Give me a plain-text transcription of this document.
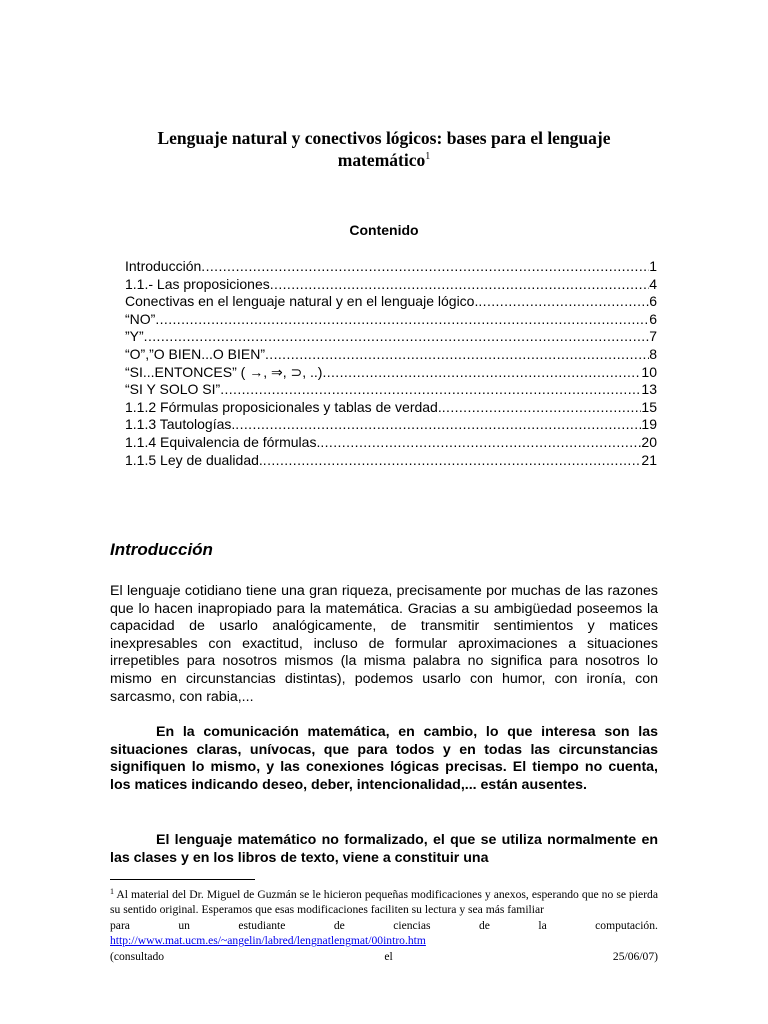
Lenguaje natural y conectivos lógicos: bases para el lenguaje
matemático$^1$
Contenido
Introducción .....	1
1.1.- Las proposiciones .....	4
Conectivas en el lenguaje natural y en el lenguaje lógico. .....	6
“NO” .....	6
”Y” .....	7
“O”,”O BIEN...O BIEN” .....	8
“SI...ENTONCES” ( →, ⇒, ⊃, ..) .....	10
“SI Y SOLO SI” .....	13
1.1.2 Fórmulas proposicionales y tablas de verdad. .....	15
1.1.3 Tautologías. .....	19
1.1.4 Equivalencia de fórmulas. .....	20
1.1.5 Ley de dualidad. .....	21
Introducción
El lenguaje cotidiano tiene una gran riqueza, precisamente por muchas de las razones que lo hacen inapropiado para la matemática. Gracias a su ambigüedad poseemos la capacidad de usarlo analógicamente, de transmitir sentimientos y matices inexpresables con exactitud, incluso de formular aproximaciones a situaciones irrepetibles para nosotros mismos (la misma palabra no significa para nosotros lo mismo en circunstancias distintas), podemos usarlo con humor, con ironía, con sarcasmo, con rabia,...
En la comunicación matemática, en cambio, lo que interesa son las situaciones claras, unívocas, que para todos y en todas las circunstancias signifiquen lo mismo, y las conexiones lógicas precisas. El tiempo no cuenta, los matices indicando deseo, deber, intencionalidad,... están ausentes.
El lenguaje matemático no formalizado, el que se utiliza normalmente en las clases y en los libros de texto, viene a constituir una
$^1$ Al material del Dr. Miguel de Guzmán se le hicieron pequeñas modificaciones y anexos, esperando que no se pierda su sentido original. Esperamos que esas modificaciones faciliten su lectura y sea más familiar
para	un	estudiante	de	ciencias	de	la	computación.
http://www.mat.ucm.es/~angelin/labred/lengnatlengmat/00intro.htm
(consultado	el	25/06/07)
